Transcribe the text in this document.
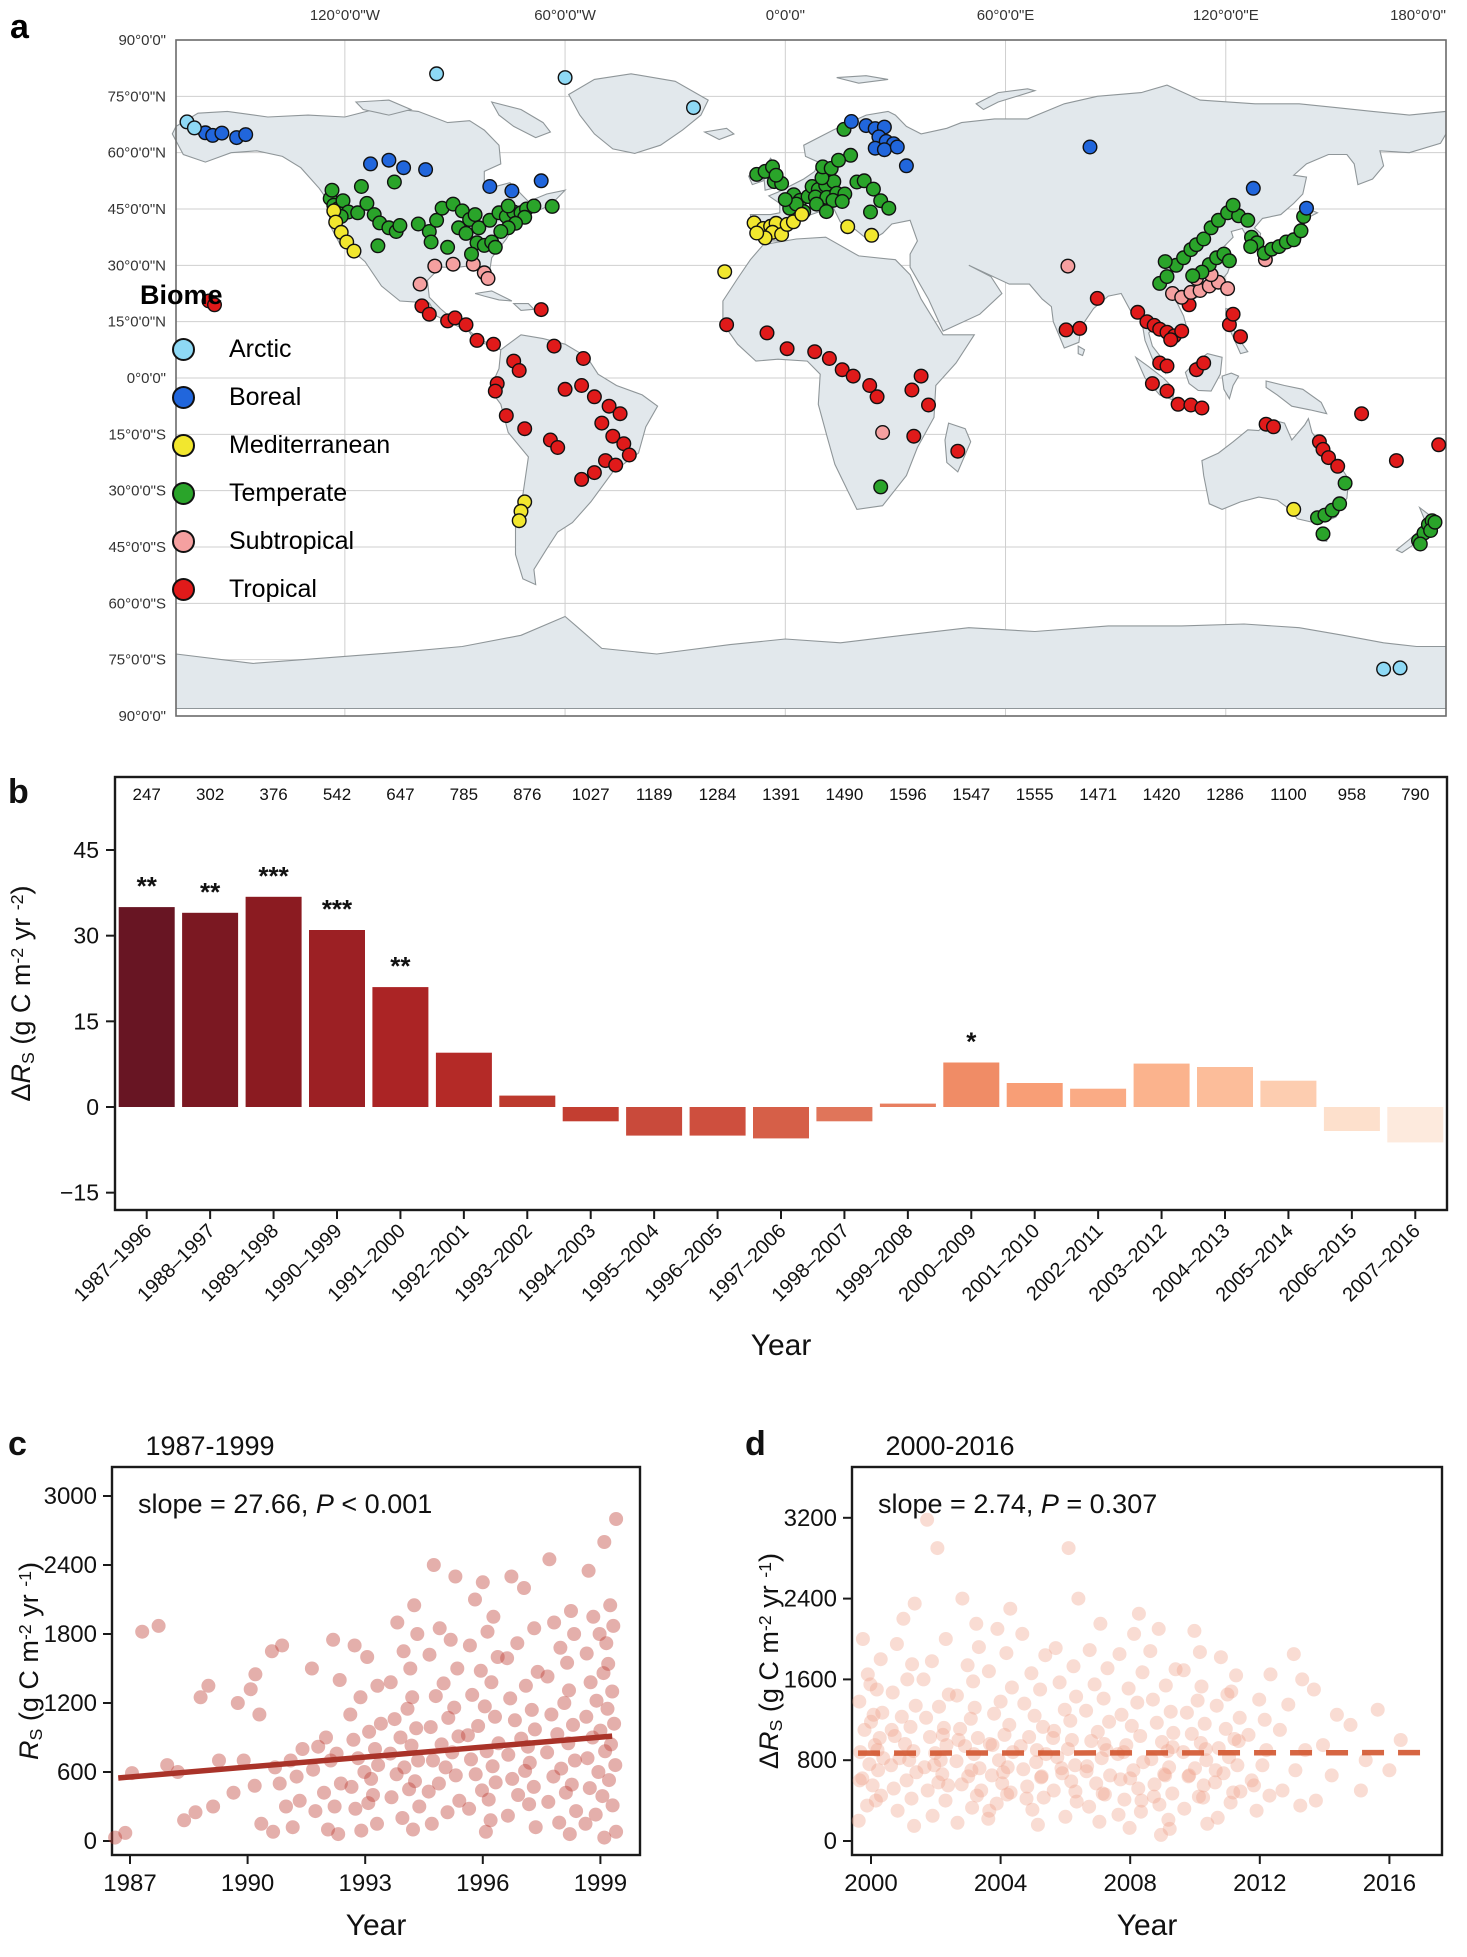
a	120°0'0"W	60°0'0"W	0°0'0"	60°0'0"E	120°0'0"E	180°0'0"
90°0'0"
75°0'0"N
60°0'0"N
45°0'0"N
30°0'0"N
15°0'0"N
0°0'0"
15°0'0"S
30°0'0"S
45°0'0"S
60°0'0"S
75°0'0"S
90°0'0"
Biome
Arctic
Boreal
Mediterranean
Temperate
Subtropical
Tropical
b
45
30
15
0
−15
247
**
1987–1996
302
**
1988–1997
376
***
1989–1998
542
***
1990–1999
647
**
1991–2000
785
1992–2001
876
1993–2002
1027
1994–2003
1189
1995–2004
1284
1996–2005
1391
1997–2006
1490
1998–2007
1596
1999–2008
1547
*
2000–2009
1555
2001–2010
1471
2002–2011
1420
2003–2012
1286
2004–2013
1100
2005–2014
958
2006–2015
790
2007–2016
Year
ΔRS (g C m-2 yr -2)
c	1987-1999
0
600
1200
1800
2400
3000
1987	1990	1993	1996	1999
slope = 27.66, P < 0.001
Year
RS (g C m-2 yr -1)
d	2000-2016
0
800
1600
2400
3200
2000	2004	2008	2012	2016
slope = 2.74, P = 0.307
Year
ΔRS (g C m-2 yr -1)
